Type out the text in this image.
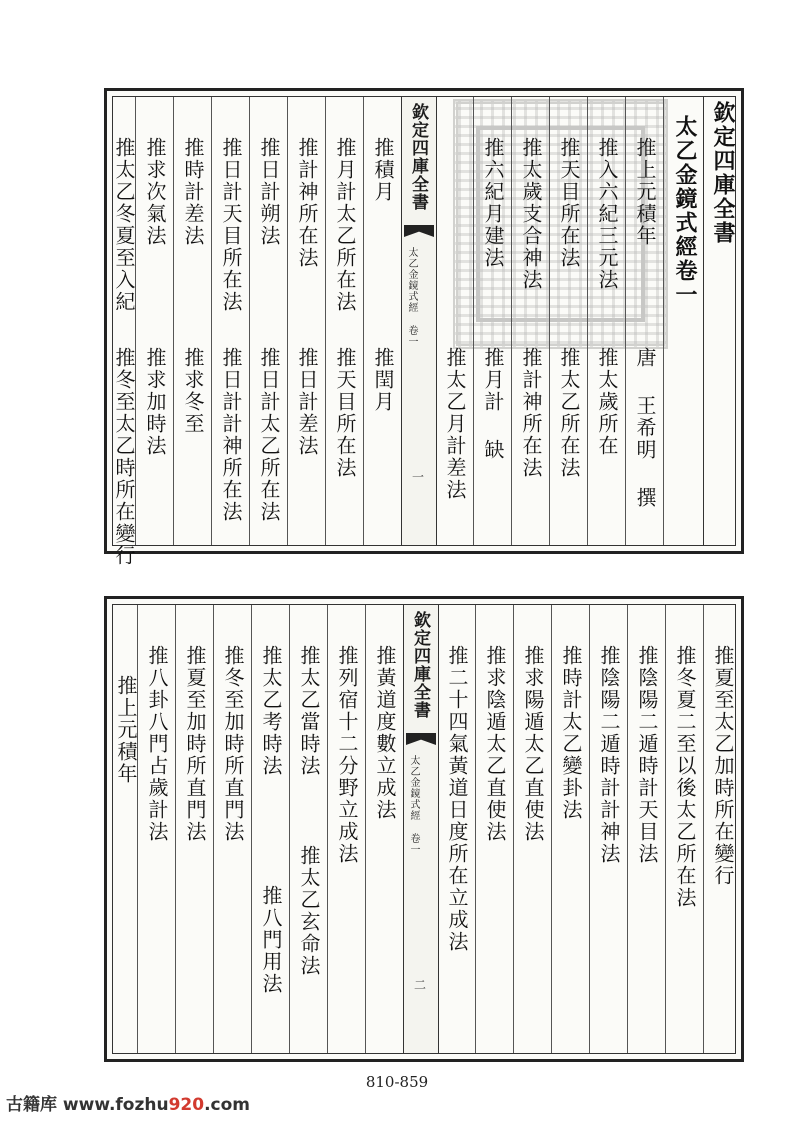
欽定四庫全書
太乙金鏡式經卷一
推上元積年
唐 王希明 撰
推入六紀三元法
推太歲所在
推天目所在法
推太乙所在法
推太歲支合神法
推計神所在法
推六紀月建法
推月計 缺
推太乙月計差法
欽定四庫全書
太乙金鏡式經 卷一
一
推積月
推閏月
推月計太乙所在法
推天目所在法
推計神所在法
推日計差法
推日計朔法
推日計太乙所在法
推日計天目所在法
推日計計神所在法
推時計差法
推求冬至
推求次氣法
推求加時法
推太乙冬夏至入紀
推冬至太乙時所在變行
推夏至太乙加時所在變行
推冬夏二至以後太乙所在法
推陰陽二遁時計天目法
推陰陽二遁時計計神法
推時計太乙變卦法
推求陽遁太乙直使法
推求陰遁太乙直使法
推二十四氣黃道日度所在立成法
欽定四庫全書
太乙金鏡式經 卷一
二
推黃道度數立成法
推列宿十二分野立成法
推太乙當時法
推太乙玄命法
推太乙考時法
推八門用法
推冬至加時所直門法
推夏至加時所直門法
推八卦八門占歲計法
推上元積年
810-859
古籍库 www.fozhu920.com
